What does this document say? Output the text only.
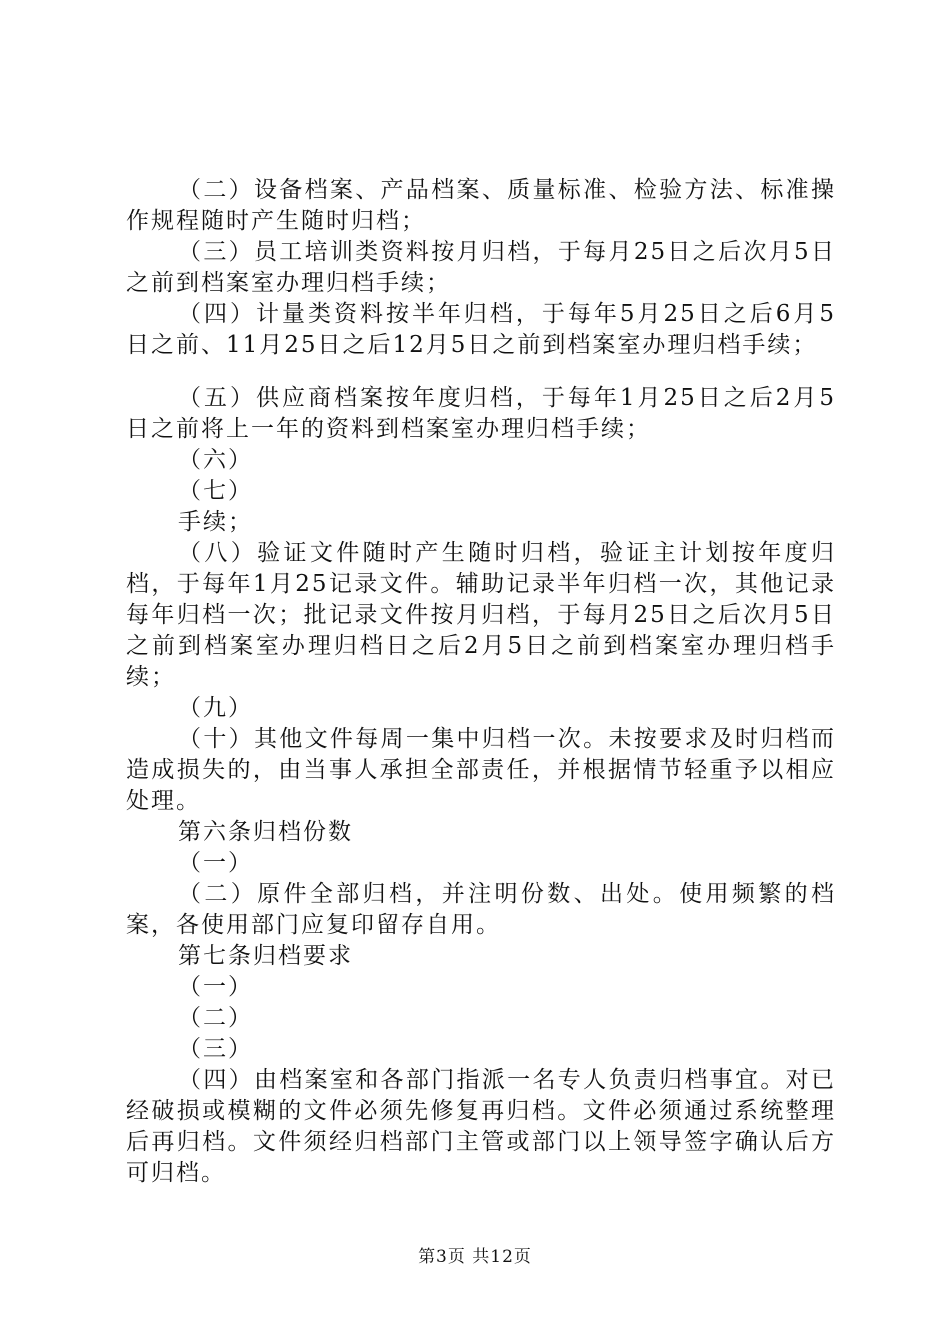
（二）设备档案、产品档案、质量标准、检验方法、标准操作规程随时产生随时归档；

（三）员工培训类资料按月归档，于每月25日之后次月5日之前到档案室办理归档手续；

（四）计量类资料按半年归档，于每年5月25日之后6月5日之前、11月25日之后12月5日之前到档案室办理归档手续；

（五）供应商档案按年度归档，于每年1月25日之后2月5日之前将上一年的资料到档案室办理归档手续；

（六）

（七）

手续；

（八）验证文件随时产生随时归档，验证主计划按年度归档，于每年1月25记录文件。辅助记录半年归档一次，其他记录每年归档一次；批记录文件按月归档，于每月25日之后次月5日之前到档案室办理归档日之后2月5日之前到档案室办理归档手续；

（九）

（十）其他文件每周一集中归档一次。未按要求及时归档而造成损失的，由当事人承担全部责任，并根据情节轻重予以相应处理。

第六条归档份数

（一）

（二）原件全部归档，并注明份数、出处。使用频繁的档案，各使用部门应复印留存自用。

第七条归档要求

（一）

（二）

（三）

（四）由档案室和各部门指派一名专人负责归档事宜。对已经破损或模糊的文件必须先修复再归档。文件必须通过系统整理后再归档。文件须经归档部门主管或部门以上领导签字确认后方可归档。

第3页 共12页
